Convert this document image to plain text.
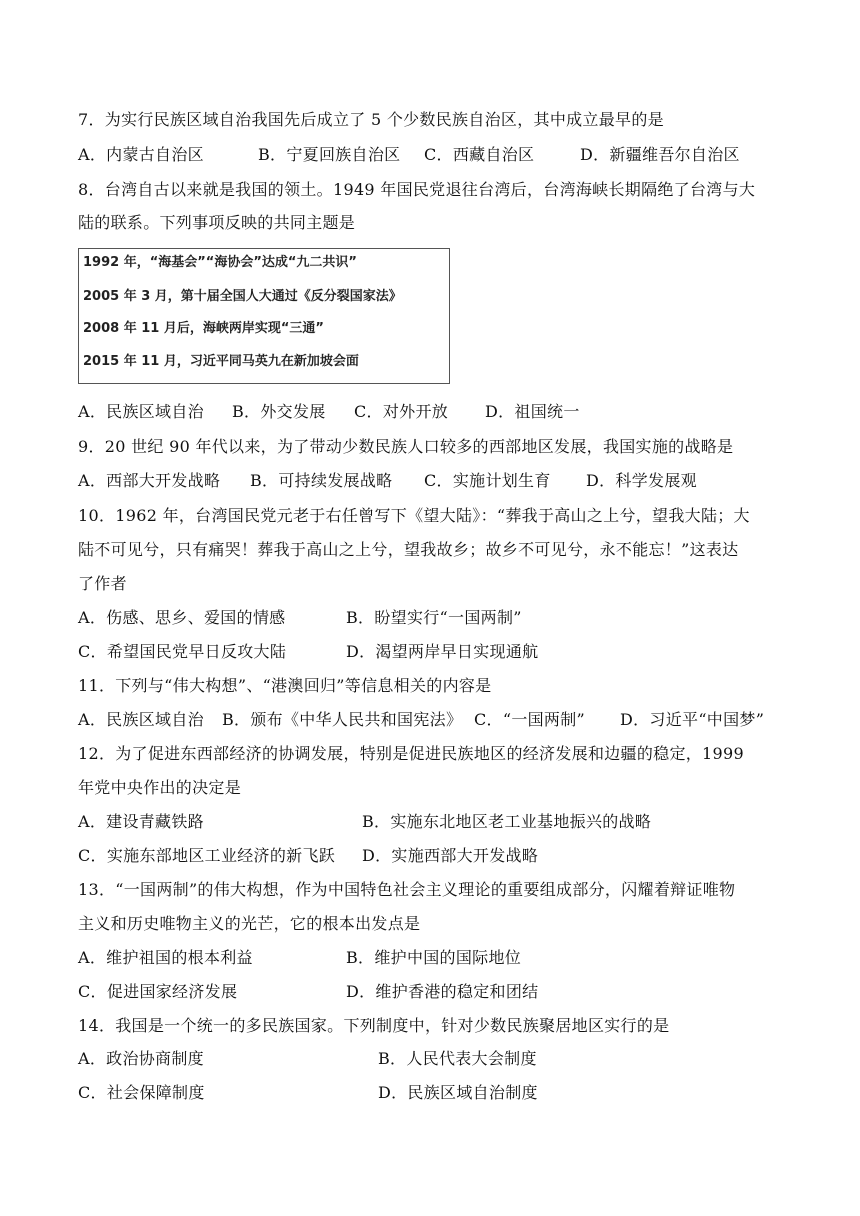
7．为实行民族区域自治我国先后成立了 5 个少数民族自治区，其中成立最早的是
A．内蒙古自治区	B．宁夏回族自治区 C．西藏自治区	D．新疆维吾尔自治区
8．台湾自古以来就是我国的领土。1949 年国民党退往台湾后，台湾海峡长期隔绝了台湾与大
陆的联系。下列事项反映的共同主题是
1992 年，“海基会”“海协会”达成“九二共识”
2005 年 3 月，第十届全国人大通过《反分裂国家法》
2008 年 11 月后，海峡两岸实现“三通”
2015 年 11 月，习近平同马英九在新加坡会面
A．民族区域自治 B．外交发展 C．对外开放 D．祖国统一
9．20 世纪 90 年代以来，为了带动少数民族人口较多的西部地区发展，我国实施的战略是
A．西部大开发战略 B．可持续发展战略 C．实施计划生育 D．科学发展观
10．1962 年，台湾国民党元老于右任曾写下《望大陆》：“葬我于高山之上兮，望我大陆；大
陆不可见兮，只有痛哭！葬我于高山之上兮，望我故乡；故乡不可见兮，永不能忘！”这表达
了作者
A．伤感、思乡、爱国的情感	B．盼望实行“一国两制”
C．希望国民党早日反攻大陆	D．渴望两岸早日实现通航
11．下列与“伟大构想”、“港澳回归”等信息相关的内容是
A．民族区域自治 B．颁布《中华人民共和国宪法》 C．“一国两制” D．习近平“中国梦”
12．为了促进东西部经济的协调发展，特别是促进民族地区的经济发展和边疆的稳定，1999
年党中央作出的决定是
A．建设青藏铁路	B．实施东北地区老工业基地振兴的战略
C．实施东部地区工业经济的新飞跃 D．实施西部大开发战略
13．“一国两制”的伟大构想，作为中国特色社会主义理论的重要组成部分，闪耀着辩证唯物
主义和历史唯物主义的光芒，它的根本出发点是
A．维护祖国的根本利益	B．维护中国的国际地位
C．促进国家经济发展	D．维护香港的稳定和团结
14．我国是一个统一的多民族国家。下列制度中，针对少数民族聚居地区实行的是
A．政治协商制度	B．人民代表大会制度
C．社会保障制度	D．民族区域自治制度
